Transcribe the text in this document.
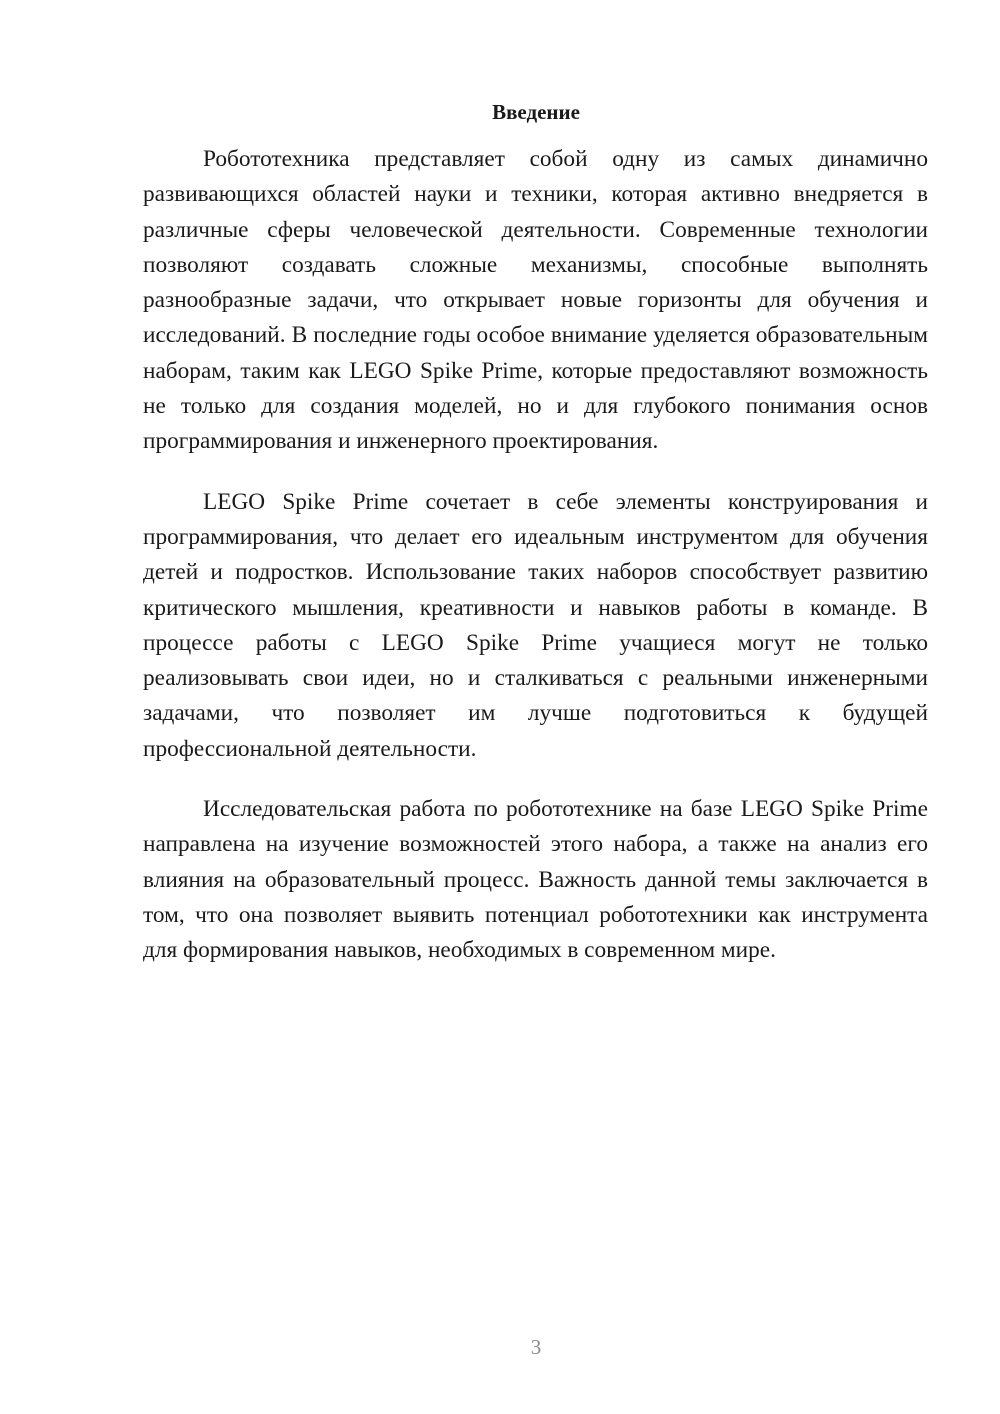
Введение

Робототехника представляет собой одну из самых динамично развивающихся областей науки и техники, которая активно внедряется в различные сферы человеческой деятельности. Современные технологии позволяют создавать сложные механизмы, способные выполнять разнообразные задачи, что открывает новые горизонты для обучения и исследований. В последние годы особое внимание уделяется образовательным наборам, таким как LEGO Spike Prime, которые предоставляют возможность не только для создания моделей, но и для глубокого понимания основ программирования и инженерного проектирования.

LEGO Spike Prime сочетает в себе элементы конструирования и программирования, что делает его идеальным инструментом для обучения детей и подростков. Использование таких наборов способствует развитию критического мышления, креативности и навыков работы в команде. В процессе работы с LEGO Spike Prime учащиеся могут не только реализовывать свои идеи, но и сталкиваться с реальными инженерными задачами, что позволяет им лучше подготовиться к будущей профессиональной деятельности.

Исследовательская работа по робототехнике на базе LEGO Spike Prime направлена на изучение возможностей этого набора, а также на анализ его влияния на образовательный процесс. Важность данной темы заключается в том, что она позволяет выявить потенциал робототехники как инструмента для формирования навыков, необходимых в современном мире.

3
